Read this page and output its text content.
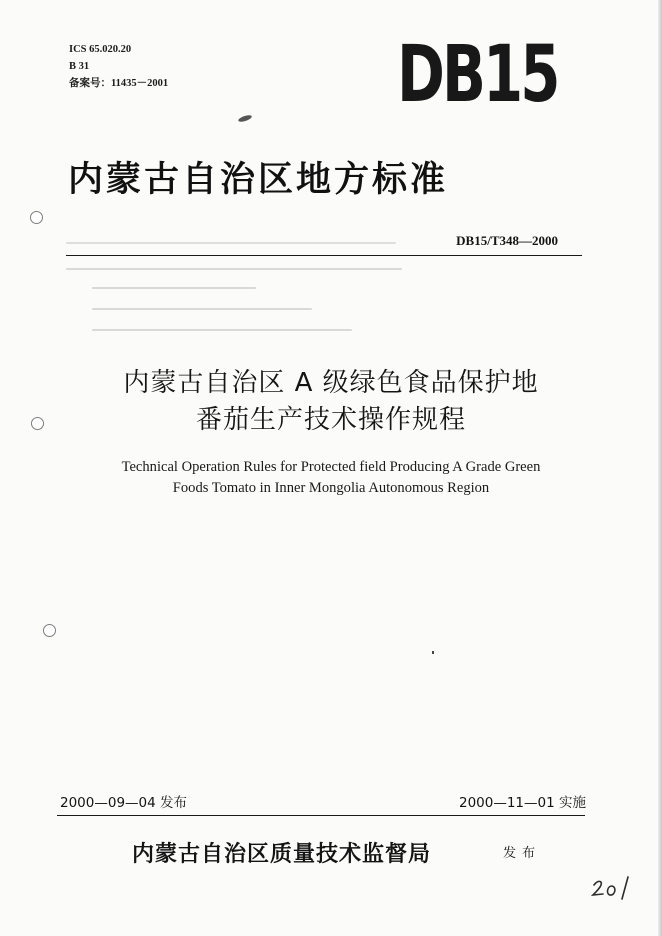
ICS 65.020.20
B 31
备案号：11435－2001	DB15
内蒙古自治区地方标准
DB15/T348—2000
内蒙古自治区 A 级绿色食品保护地
番茄生产技术操作规程
Technical Operation Rules for Protected field Producing A Grade Green
Foods Tomato in Inner Mongolia Autonomous Region
2000—09—04 发布	2000—11—01 实施
内蒙古自治区质量技术监督局	发布
